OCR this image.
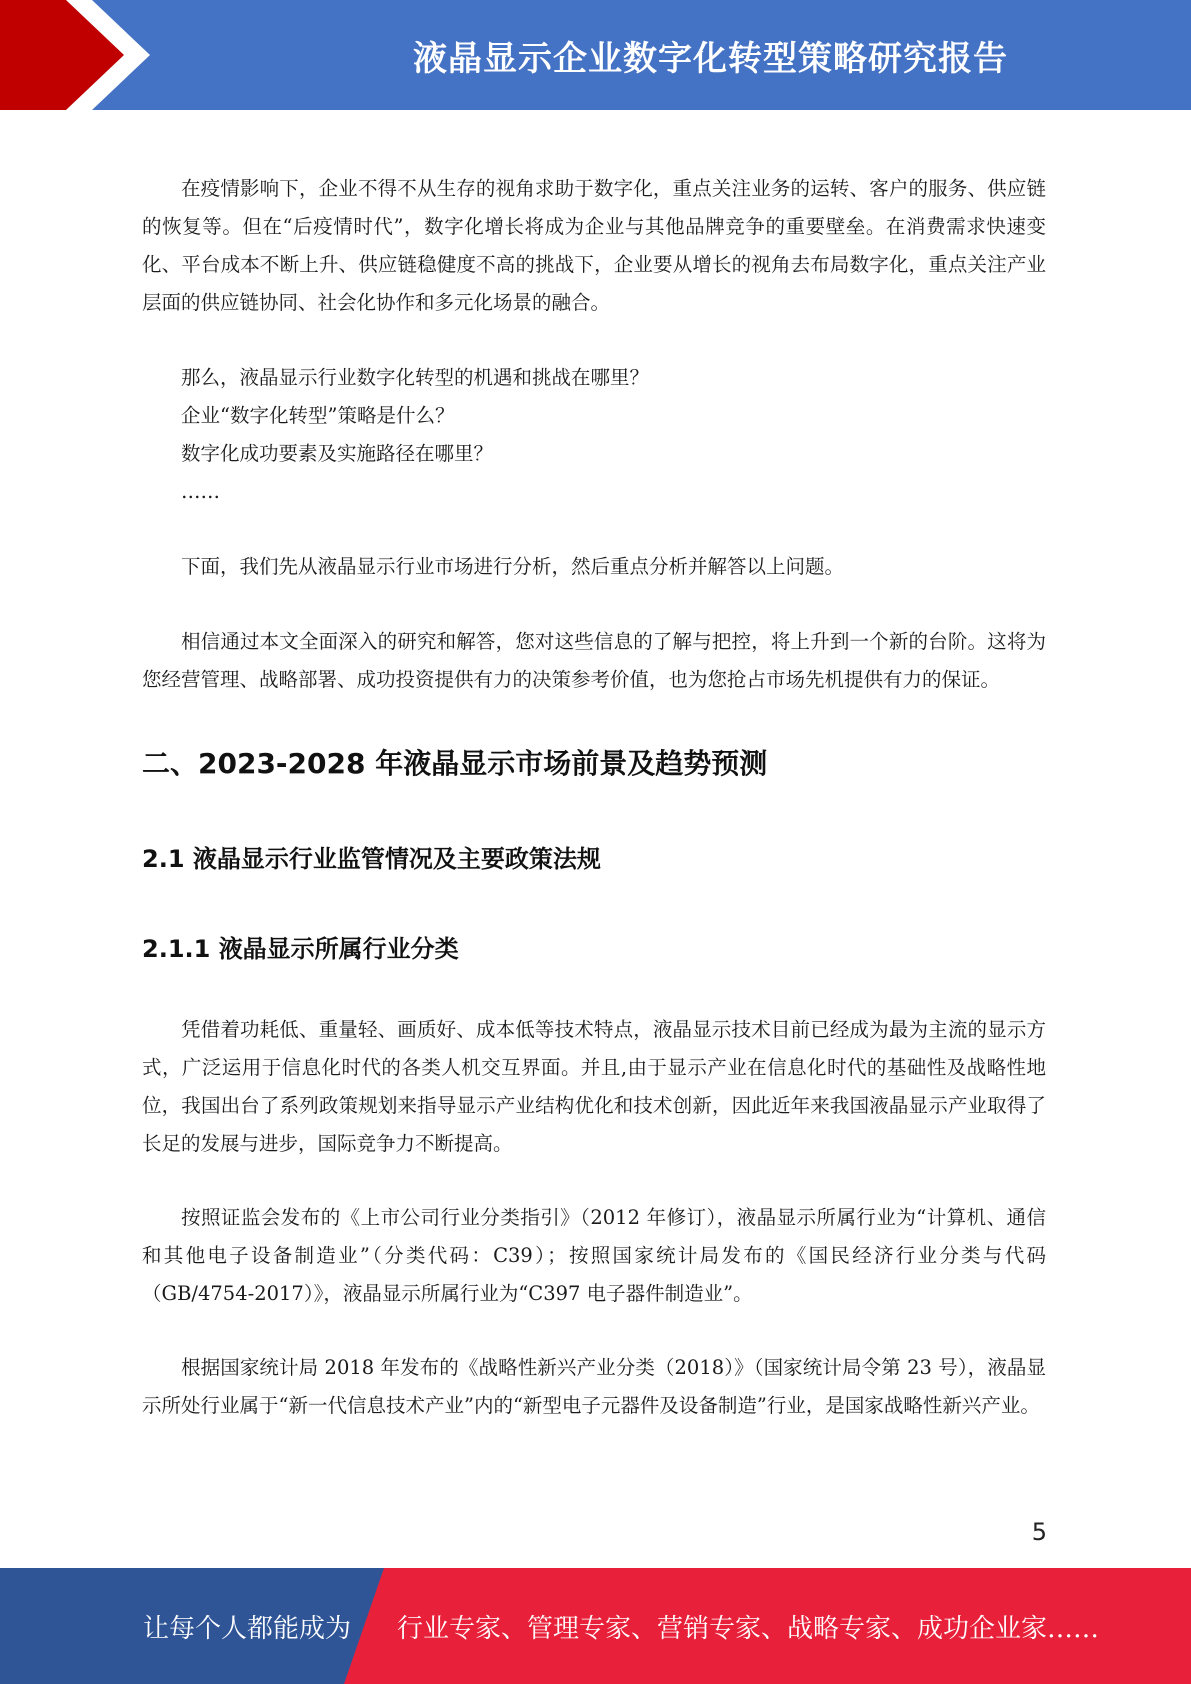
液晶显示企业数字化转型策略研究报告

在疫情影响下，企业不得不从生存的视角求助于数字化，重点关注业务的运转、客户的服务、供应链的恢复等。但在“后疫情时代”，数字化增长将成为企业与其他品牌竞争的重要壁垒。在消费需求快速变化、平台成本不断上升、供应链稳健度不高的挑战下，企业要从增长的视角去布局数字化，重点关注产业层面的供应链协同、社会化协作和多元化场景的融合。

那么，液晶显示行业数字化转型的机遇和挑战在哪里？

企业“数字化转型”策略是什么？

数字化成功要素及实施路径在哪里？

……

下面，我们先从液晶显示行业市场进行分析，然后重点分析并解答以上问题。

相信通过本文全面深入的研究和解答，您对这些信息的了解与把控，将上升到一个新的台阶。这将为您经营管理、战略部署、成功投资提供有力的决策参考价值，也为您抢占市场先机提供有力的保证。

二、2023-2028 年液晶显示市场前景及趋势预测
2.1 液晶显示行业监管情况及主要政策法规
2.1.1 液晶显示所属行业分类

凭借着功耗低、重量轻、画质好、成本低等技术特点，液晶显示技术目前已经成为最为主流的显示方式，广泛运用于信息化时代的各类人机交互界面。并且,由于显示产业在信息化时代的基础性及战略性地位，我国出台了系列政策规划来指导显示产业结构优化和技术创新，因此近年来我国液晶显示产业取得了长足的发展与进步，国际竞争力不断提高。

按照证监会发布的《上市公司行业分类指引》（2012 年修订），液晶显示所属行业为“计算机、通信和其他电子设备制造业”（分类代码：C39）；按照国家统计局发布的《国民经济行业分类与代码（GB/4754-2017）》，液晶显示所属行业为“C397 电子器件制造业”。

根据国家统计局 2018 年发布的《战略性新兴产业分类（2018）》（国家统计局令第 23 号），液晶显示所处行业属于“新一代信息技术产业”内的“新型电子元器件及设备制造”行业，是国家战略性新兴产业。

5
让每个人都能成为 行业专家、管理专家、营销专家、战略专家、成功企业家……
